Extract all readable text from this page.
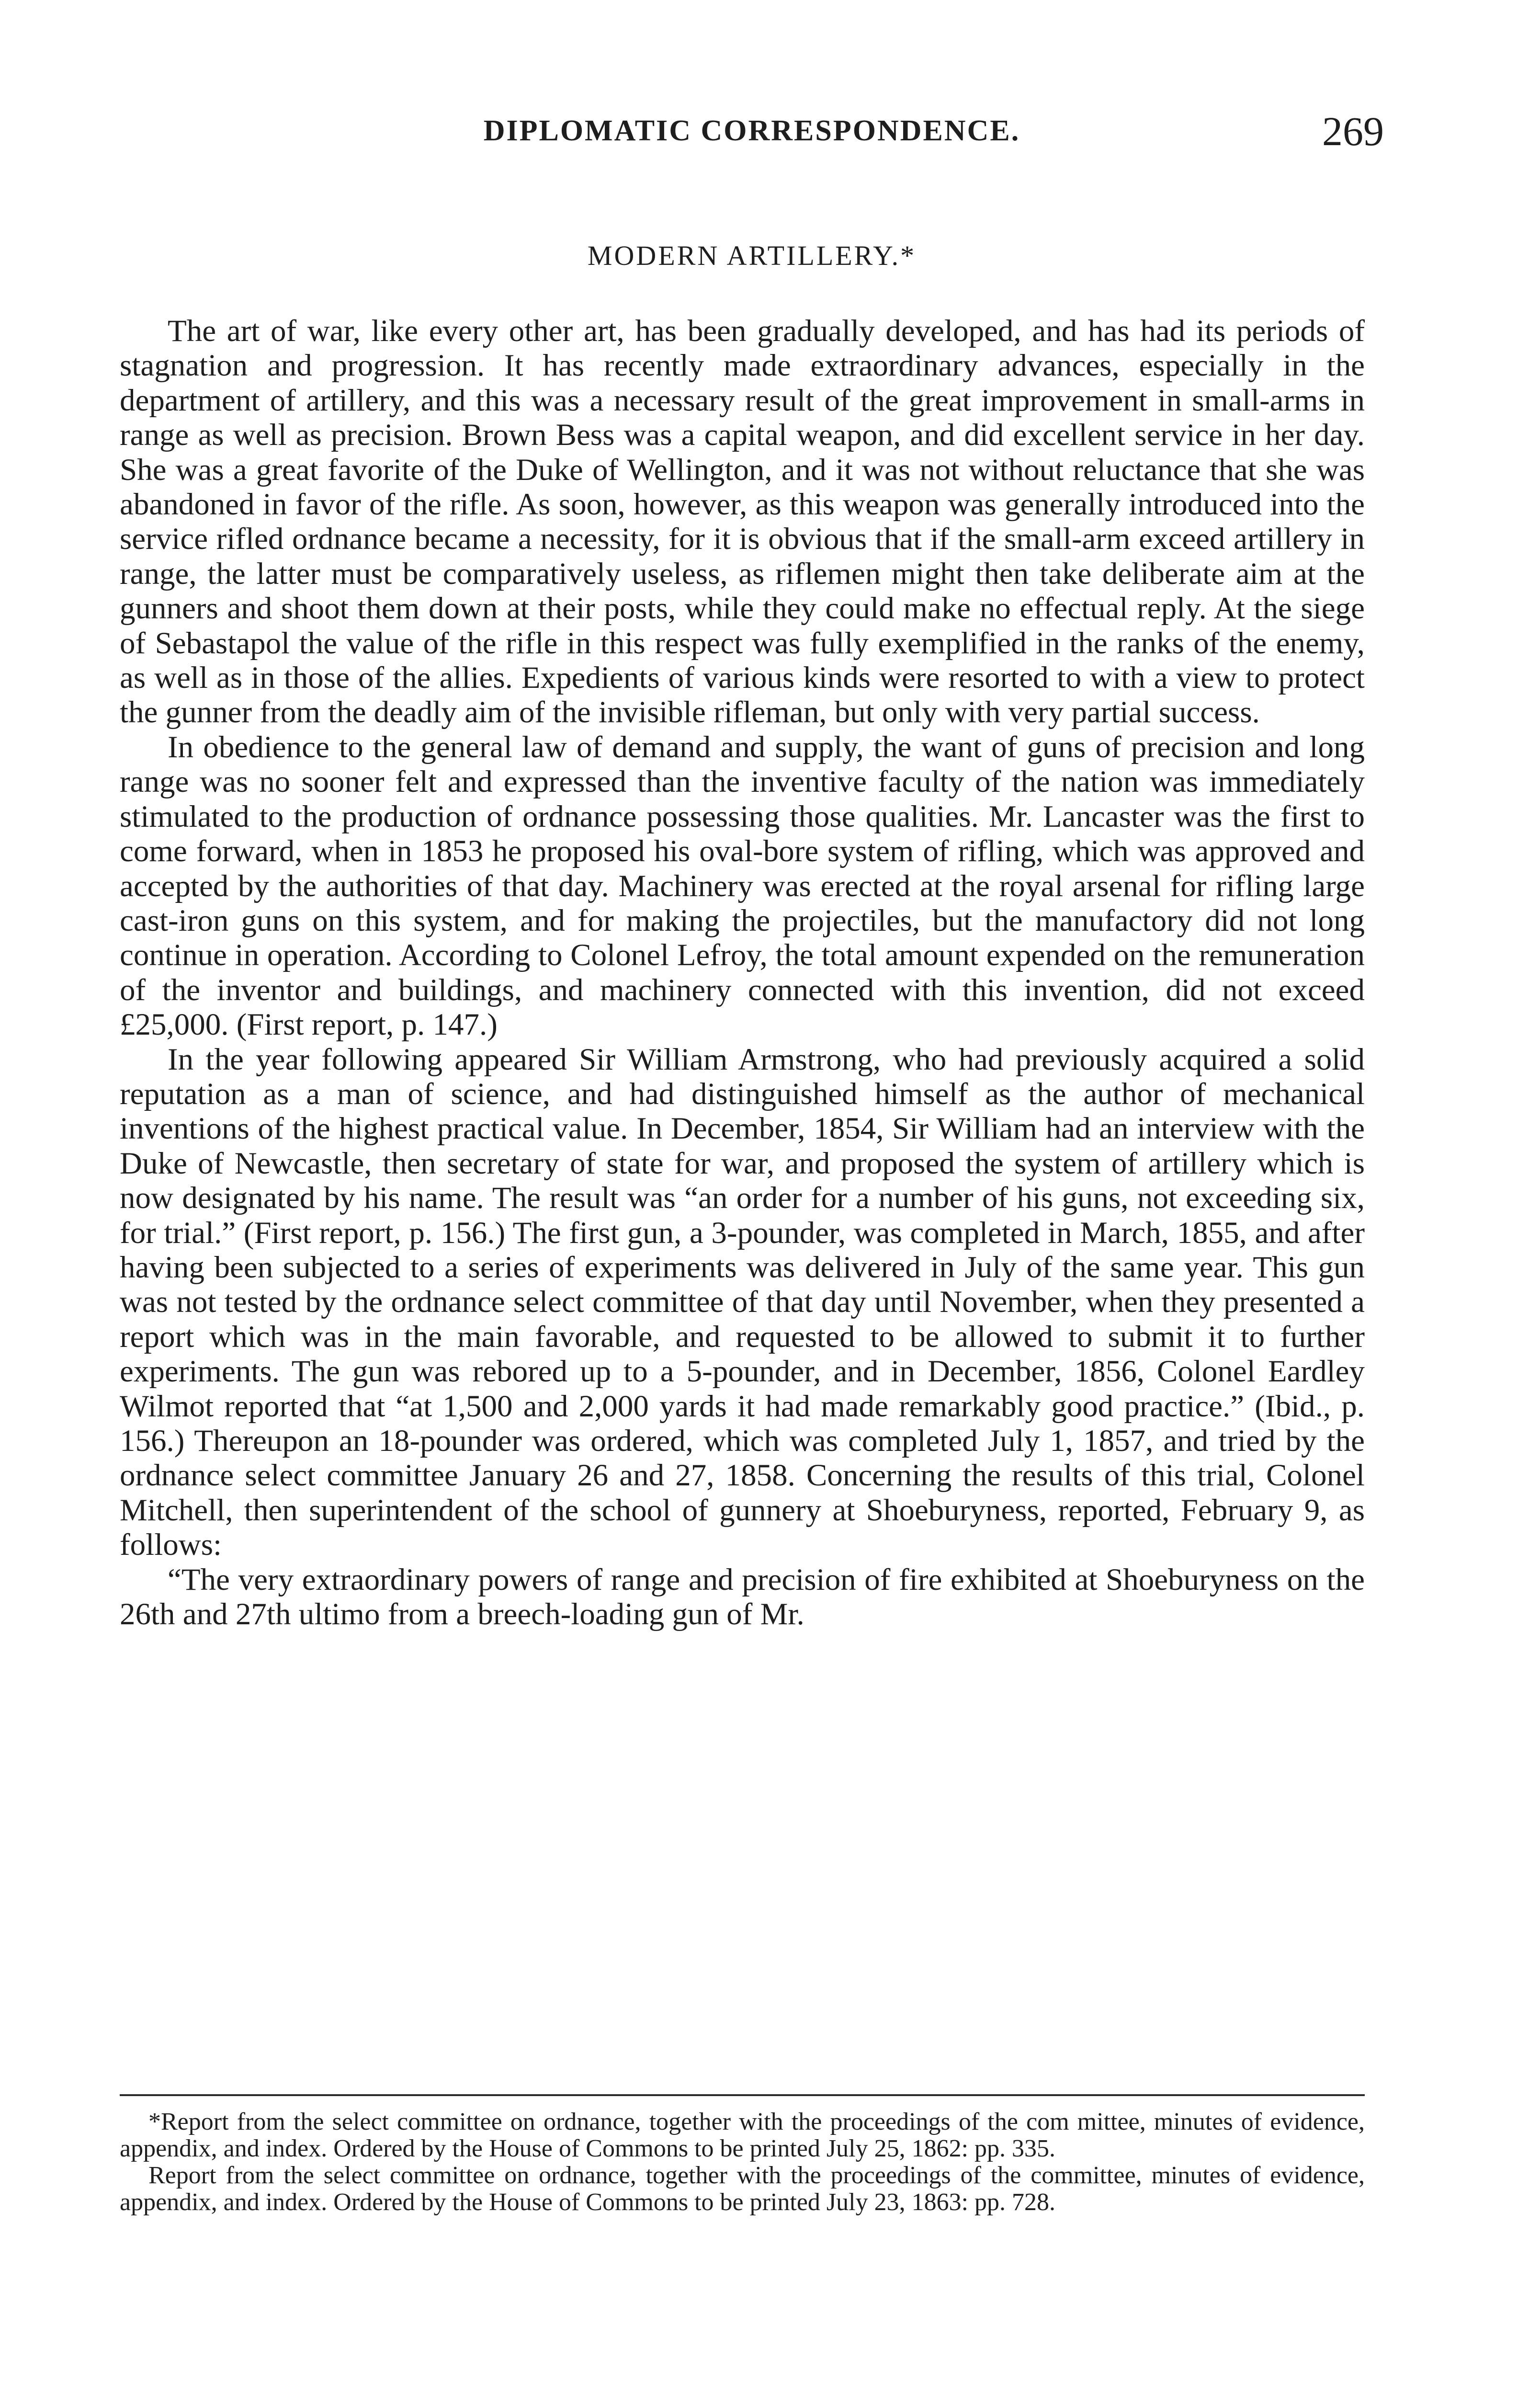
DIPLOMATIC CORRESPONDENCE.	269
MODERN ARTILLERY.*

The art of war, like every other art, has been gradually developed, and has had its periods of stagnation and progression. It has recently made extraordinary advances, especially in the department of artillery, and this was a necessary result of the great improvement in small-arms in range as well as precision. Brown Bess was a capital weapon, and did excellent service in her day. She was a great favorite of the Duke of Wellington, and it was not without reluctance that she was abandoned in favor of the rifle. As soon, however, as this weapon was generally introduced into the service rifled ordnance became a necessity, for it is obvious that if the small-arm exceed artillery in range, the latter must be comparatively useless, as riflemen might then take deliberate aim at the gunners and shoot them down at their posts, while they could make no effectual reply. At the siege of Sebastapol the value of the rifle in this respect was fully exemplified in the ranks of the enemy, as well as in those of the allies. Expedients of various kinds were resorted to with a view to protect the gunner from the deadly aim of the invisible rifleman, but only with very partial success.

In obedience to the general law of demand and supply, the want of guns of precision and long range was no sooner felt and expressed than the inventive faculty of the nation was immediately stimulated to the production of ordnance possessing those qualities. Mr. Lancaster was the first to come forward, when in 1853 he proposed his oval-bore system of rifling, which was approved and accepted by the authorities of that day. Machinery was erected at the royal arsenal for rifling large cast-iron guns on this system, and for making the projectiles, but the manufactory did not long continue in operation. According to Colonel Lefroy, the total amount expended on the remuneration of the inventor and buildings, and machinery connected with this invention, did not exceed £25,000. (First report, p. 147.)

In the year following appeared Sir William Armstrong, who had previously acquired a solid reputation as a man of science, and had distinguished himself as the author of mechanical inventions of the highest practical value. In December, 1854, Sir William had an interview with the Duke of Newcastle, then secretary of state for war, and proposed the system of artillery which is now designated by his name. The result was “an order for a number of his guns, not exceeding six, for trial.” (First report, p. 156.) The first gun, a 3-pounder, was completed in March, 1855, and after having been subjected to a series of experiments was delivered in July of the same year. This gun was not tested by the ordnance select committee of that day until November, when they presented a report which was in the main favorable, and requested to be allowed to submit it to further experiments. The gun was rebored up to a 5-pounder, and in December, 1856, Colonel Eardley Wilmot reported that “at 1,500 and 2,000 yards it had made remarkably good practice.” (Ibid., p. 156.) Thereupon an 18-pounder was ordered, which was completed July 1, 1857, and tried by the ordnance select committee January 26 and 27, 1858. Concerning the results of this trial, Colonel Mitchell, then superintendent of the school of gunnery at Shoeburyness, reported, February 9, as follows:

“The very extraordinary powers of range and precision of fire exhibited at Shoeburyness on the 26th and 27th ultimo from a breech-loading gun of Mr.

*Report from the select committee on ordnance, together with the proceedings of the com mittee, minutes of evidence, appendix, and index. Ordered by the House of Commons to be printed July 25, 1862: pp. 335.

Report from the select committee on ordnance, together with the proceedings of the committee, minutes of evidence, appendix, and index. Ordered by the House of Commons to be printed July 23, 1863: pp. 728.
